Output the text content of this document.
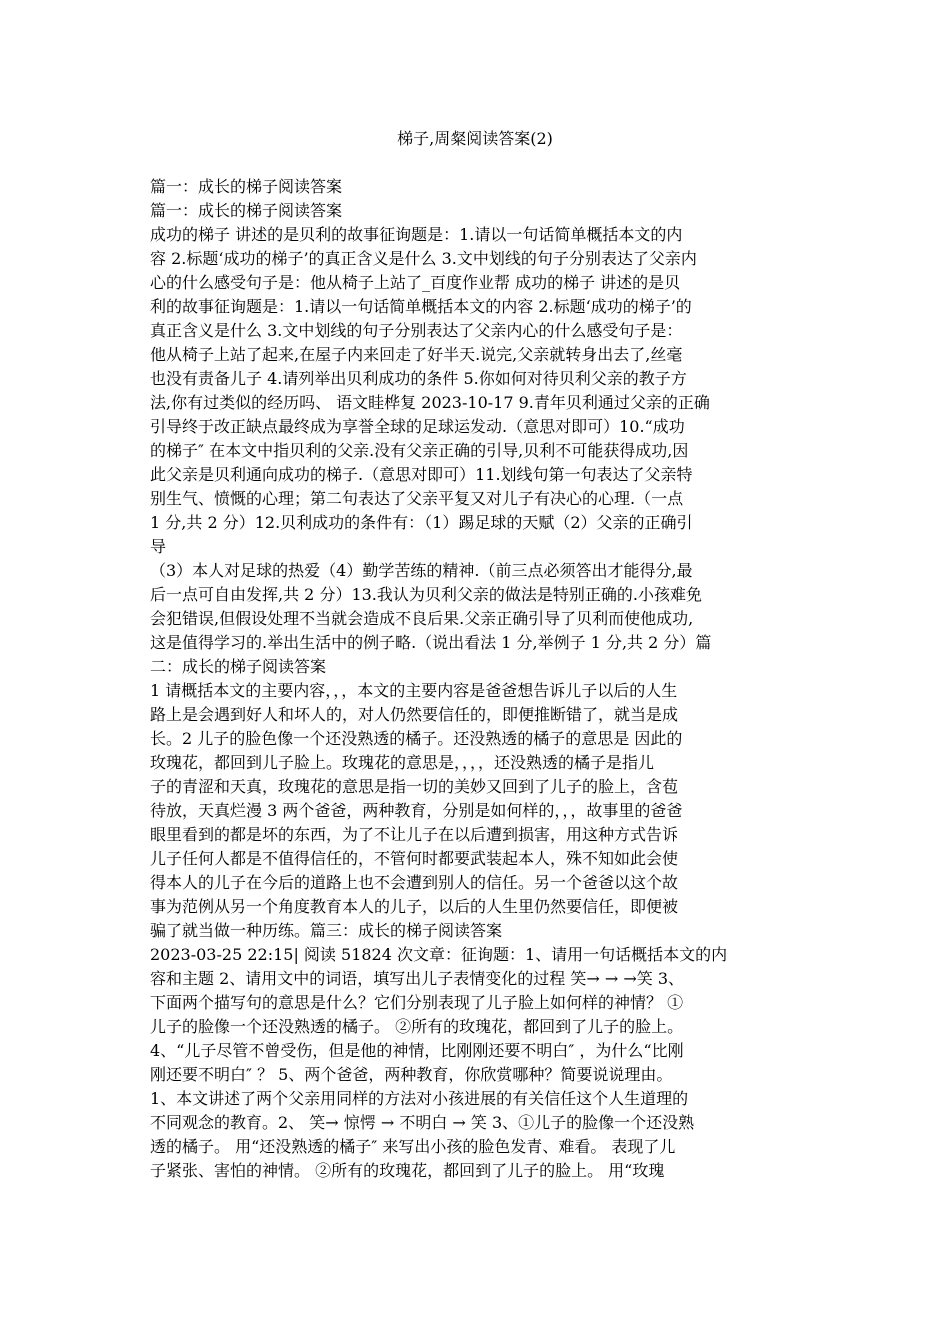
梯子,周粲阅读答案(2)
篇一：成长的梯子阅读答案
篇一：成长的梯子阅读答案
成功的梯子 讲述的是贝利的故事征询题是：1.请以一句话简单概括本文的内
容 2.标题‘成功的梯子’的真正含义是什么 3.文中划线的句子分别表达了父亲内
心的什么感受句子是：他从椅子上站了_百度作业帮 成功的梯子 讲述的是贝
利的故事征询题是：1.请以一句话简单概括本文的内容 2.标题‘成功的梯子’的
真正含义是什么 3.文中划线的句子分别表达了父亲内心的什么感受句子是：
他从椅子上站了起来,在屋子内来回走了好半天.说完,父亲就转身出去了,丝毫
也没有责备儿子 4.请列举出贝利成功的条件 5.你如何对待贝利父亲的教子方
法,你有过类似的经历吗、 语文眭桦复 2023-10-17 9.青年贝利通过父亲的正确
引导终于改正缺点最终成为享誉全球的足球运发动.（意思对即可）10.“成功
的梯子″ 在本文中指贝利的父亲.没有父亲正确的引导,贝利不可能获得成功,因
此父亲是贝利通向成功的梯子.（意思对即可）11.划线句第一句表达了父亲特
别生气、愤慨的心理；第二句表达了父亲平复又对儿子有决心的心理.（一点
1 分,共 2 分）12.贝利成功的条件有：（1）踢足球的天赋（2）父亲的正确引
导
（3）本人对足球的热爱（4）勤学苦练的精神.（前三点必须答出才能得分,最
后一点可自由发挥,共 2 分）13.我认为贝利父亲的做法是特别正确的.小孩难免
会犯错误,但假设处理不当就会造成不良后果.父亲正确引导了贝利而使他成功,
这是值得学习的.举出生活中的例子略.（说出看法 1 分,举例子 1 分,共 2 分）篇
二：成长的梯子阅读答案
1 请概括本文的主要内容，，，本文的主要内容是爸爸想告诉儿子以后的人生
路上是会遇到好人和坏人的，对人仍然要信任的，即便推断错了，就当是成
长。2 儿子的脸色像一个还没熟透的橘子。还没熟透的橘子的意思是 因此的
玫瑰花，都回到儿子脸上。玫瑰花的意思是，，，，还没熟透的橘子是指儿
子的青涩和天真，玫瑰花的意思是指一切的美妙又回到了儿子的脸上，含苞
待放，天真烂漫 3 两个爸爸，两种教育，分别是如何样的，，，故事里的爸爸
眼里看到的都是坏的东西，为了不让儿子在以后遭到损害，用这种方式告诉
儿子任何人都是不值得信任的，不管何时都要武装起本人，殊不知如此会使
得本人的儿子在今后的道路上也不会遭到别人的信任。另一个爸爸以这个故
事为范例从另一个角度教育本人的儿子，以后的人生里仍然要信任，即便被
骗了就当做一种历练。篇三：成长的梯子阅读答案
2023-03-25 22:15| 阅读 51824 次文章：征询题：1、请用一句话概括本文的内
容和主题 2、请用文中的词语，填写出儿子表情变化的过程 笑→ → →笑 3、
下面两个描写句的意思是什么？它们分别表现了儿子脸上如何样的神情？ ①
儿子的脸像一个还没熟透的橘子。 ②所有的玫瑰花，都回到了儿子的脸上。
4、“儿子尽管不曾受伤，但是他的神情，比刚刚还要不明白″ ，为什么“比刚
刚还要不明白″ ？ 5、两个爸爸，两种教育，你欣赏哪种？简要说说理由。
1、本文讲述了两个父亲用同样的方法对小孩进展的有关信任这个人生道理的
不同观念的教育。2、 笑→ 惊愕 → 不明白 → 笑 3、①儿子的脸像一个还没熟
透的橘子。 用“还没熟透的橘子″ 来写出小孩的脸色发青、难看。 表现了儿
子紧张、害怕的神情。 ②所有的玫瑰花，都回到了儿子的脸上。 用“玫瑰
